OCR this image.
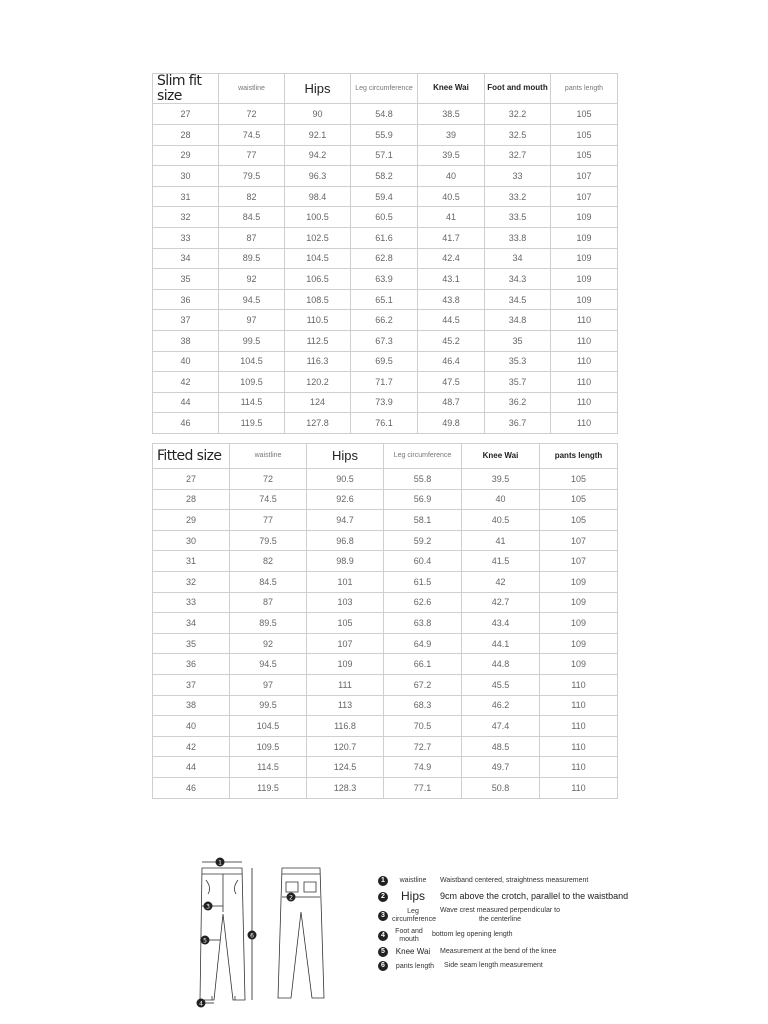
Slim fit size	waistline	Hips	Leg circumference	Knee Wai	Foot and mouth	pants length
27	72	90	54.8	38.5	32.2	105
28	74.5	92.1	55.9	39	32.5	105
29	77	94.2	57.1	39.5	32.7	105
30	79.5	96.3	58.2	40	33	107
31	82	98.4	59.4	40.5	33.2	107
32	84.5	100.5	60.5	41	33.5	109
33	87	102.5	61.6	41.7	33.8	109
34	89.5	104.5	62.8	42.4	34	109
35	92	106.5	63.9	43.1	34.3	109
36	94.5	108.5	65.1	43.8	34.5	109
37	97	110.5	66.2	44.5	34.8	110
38	99.5	112.5	67.3	45.2	35	110
40	104.5	116.3	69.5	46.4	35.3	110
42	109.5	120.2	71.7	47.5	35.7	110
44	114.5	124	73.9	48.7	36.2	110
46	119.5	127.8	76.1	49.8	36.7	110
Fitted size	waistline	Hips	Leg circumference	Knee Wai	pants length
27	72	90.5	55.8	39.5	105
28	74.5	92.6	56.9	40	105
29	77	94.7	58.1	40.5	105
30	79.5	96.8	59.2	41	107
31	82	98.9	60.4	41.5	107
32	84.5	101	61.5	42	109
33	87	103	62.6	42.7	109
34	89.5	105	63.8	43.4	109
35	92	107	64.9	44.1	109
36	94.5	109	66.1	44.8	109
37	97	111	67.2	45.5	110
38	99.5	113	68.3	46.2	110
40	104.5	116.8	70.5	47.4	110
42	109.5	120.7	72.7	48.5	110
44	114.5	124.5	74.9	49.7	110
46	119.5	128.3	77.1	50.8	110
1
2
3
4
5
6
1	waistline	Waistband centered, straightness measurement
2	Hips	9cm above the crotch, parallel to the waistband
3
Leg circumference
Wave crest measured perpendicular to the centerline
4
Foot and mouth
bottom leg opening length
5	Knee Wai	Measurement at the bend of the knee
6	pants length	Side seam length measurement
